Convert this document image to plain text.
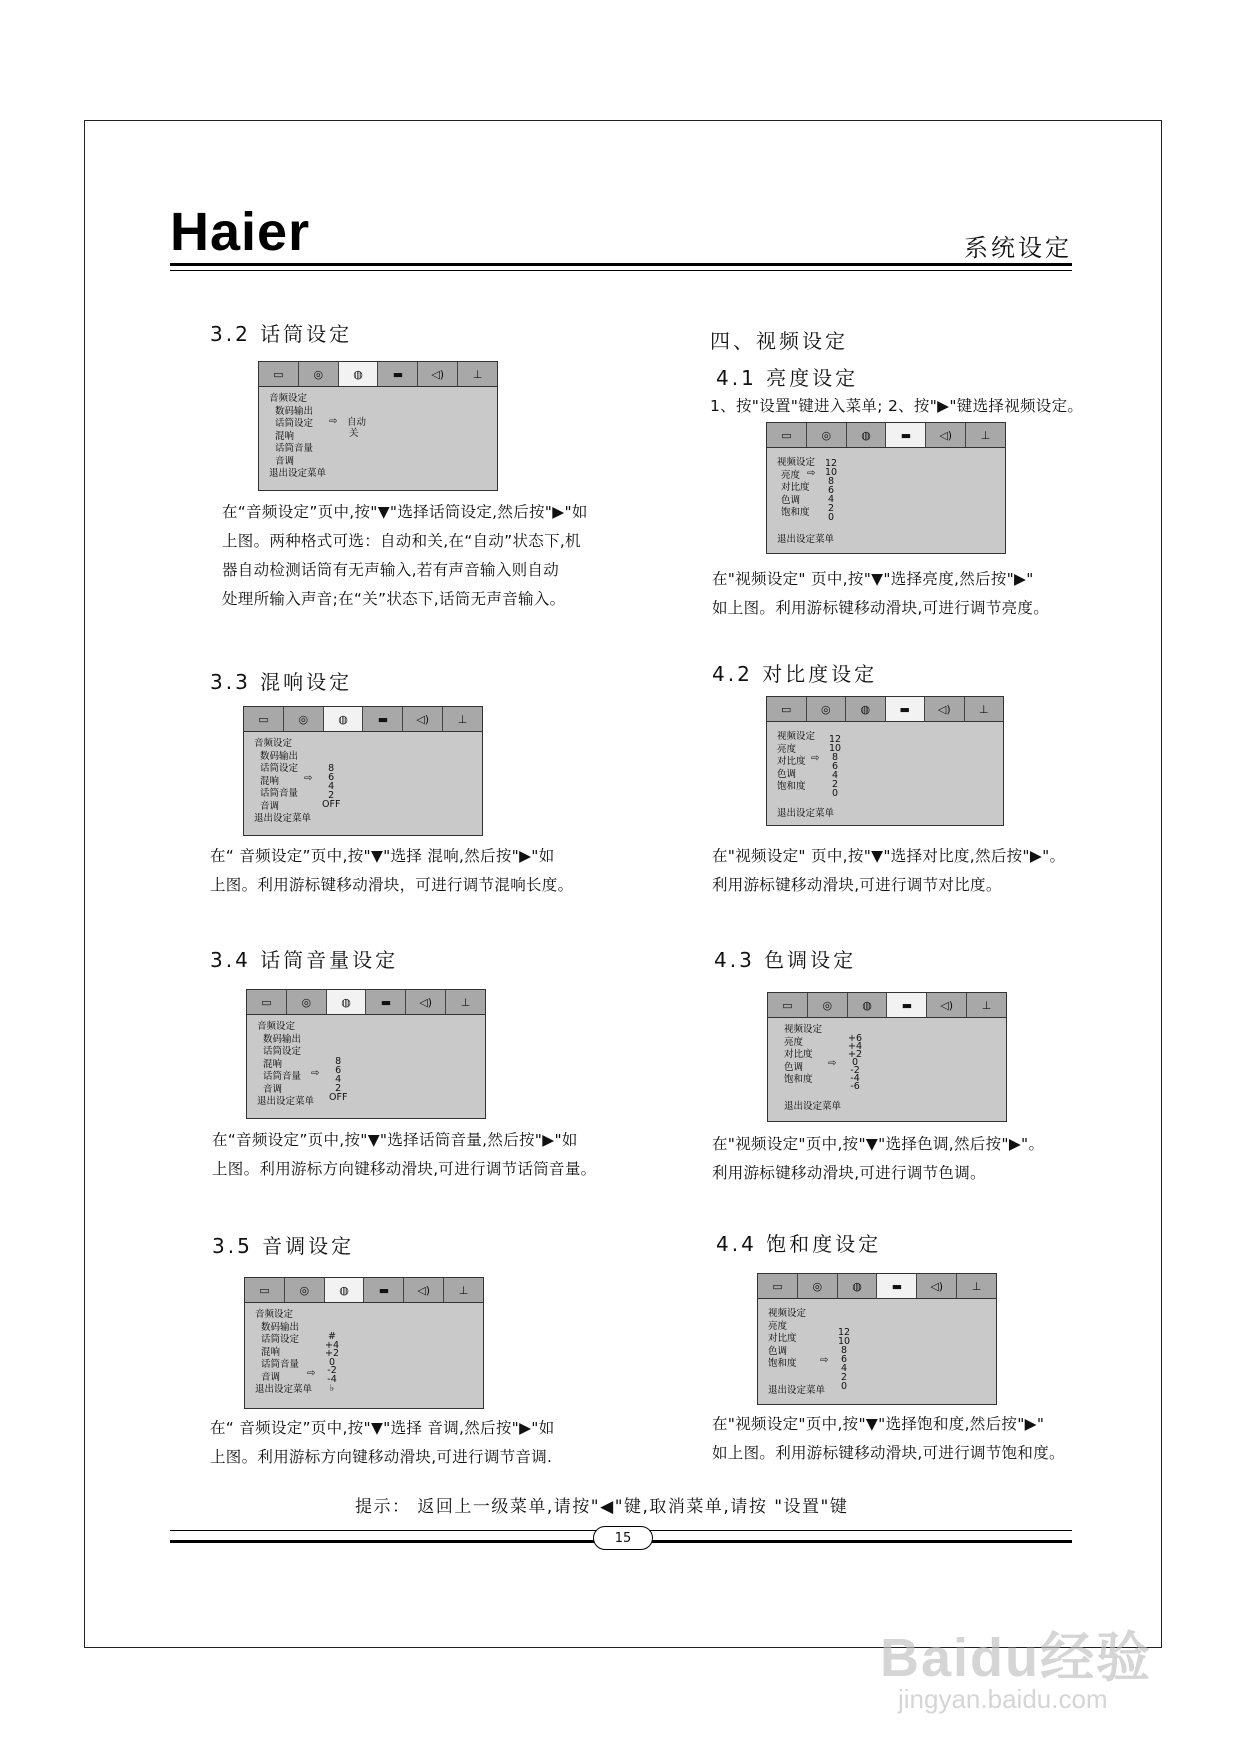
Haier	系统设定
3.2 话筒设定
▭	◎	◍	▬	◁)	⊥
音频设定
数码输出
话筒设定
混响
话筒音量
音调
退出设定菜单
⇨ 自动
关
在“音频设定”页中,按"▼"选择话筒设定,然后按"▶"如
上图。两种格式可选：自动和关,在“自动”状态下,机
器自动检测话筒有无声输入,若有声音输入则自动
处理所输入声音;在“关”状态下,话筒无声音输入。
3.3 混响设定
▭	◎	◍	▬	◁)	⊥
音频设定
数码输出
话筒设定
混响
话筒音量
音调
退出设定菜单
⇨
8
6
4
2
OFF
在“ 音频设定”页中,按"▼"选择 混响,然后按"▶"如
上图。利用游标键移动滑块，可进行调节混响长度。
3.4 话筒音量设定
▭	◎	◍	▬	◁)	⊥
音频设定
数码输出
话筒设定
混响
话筒音量
音调
退出设定菜单
⇨
8
6
4
2
OFF
在“音频设定”页中,按"▼"选择话筒音量,然后按"▶"如
上图。利用游标方向键移动滑块,可进行调节话筒音量。
3.5 音调设定
▭	◎	◍	▬	◁)	⊥
音频设定
数码输出
话筒设定
混响
话筒音量
音调
退出设定菜单
⇨
#
+4
+2
0
-2
-4
♭
在“ 音频设定”页中,按"▼"选择 音调,然后按"▶"如
上图。利用游标方向键移动滑块,可进行调节音调.
四、视频设定
4.1 亮度设定
1、按"设置"键进入菜单; 2、按"▶"键选择视频设定。
▭	◎	◍	▬	◁)	⊥
视频设定
亮度
对比度
色调
饱和度
退出设定菜单
⇨
12
10
8
6
4
2
0
在"视频设定" 页中,按"▼"选择亮度,然后按"▶"
如上图。利用游标键移动滑块,可进行调节亮度。
4.2 对比度设定
▭	◎	◍	▬	◁)	⊥
视频设定
亮度
对比度
色调
饱和度
退出设定菜单
⇨
12
10
8
6
4
2
0
在"视频设定" 页中,按"▼"选择对比度,然后按"▶"。
利用游标键移动滑块,可进行调节对比度。
4.3 色调设定
▭	◎	◍	▬	◁)	⊥
视频设定
亮度
对比度
色调
饱和度
退出设定菜单
⇨
+6
+4
+2
0
-2
-4
-6
在"视频设定"页中,按"▼"选择色调,然后按"▶"。
利用游标键移动滑块,可进行调节色调。
4.4 饱和度设定
▭	◎	◍	▬	◁)	⊥
视频设定
亮度
对比度
色调
饱和度
退出设定菜单
⇨
12
10
8
6
4
2
0
在"视频设定"页中,按"▼"选择饱和度,然后按"▶"
如上图。利用游标键移动滑块,可进行调节饱和度。
提示： 返回上一级菜单,请按"◀"键,取消菜单,请按 "设置"键
15
Baidu经验
jingyan.baidu.com
